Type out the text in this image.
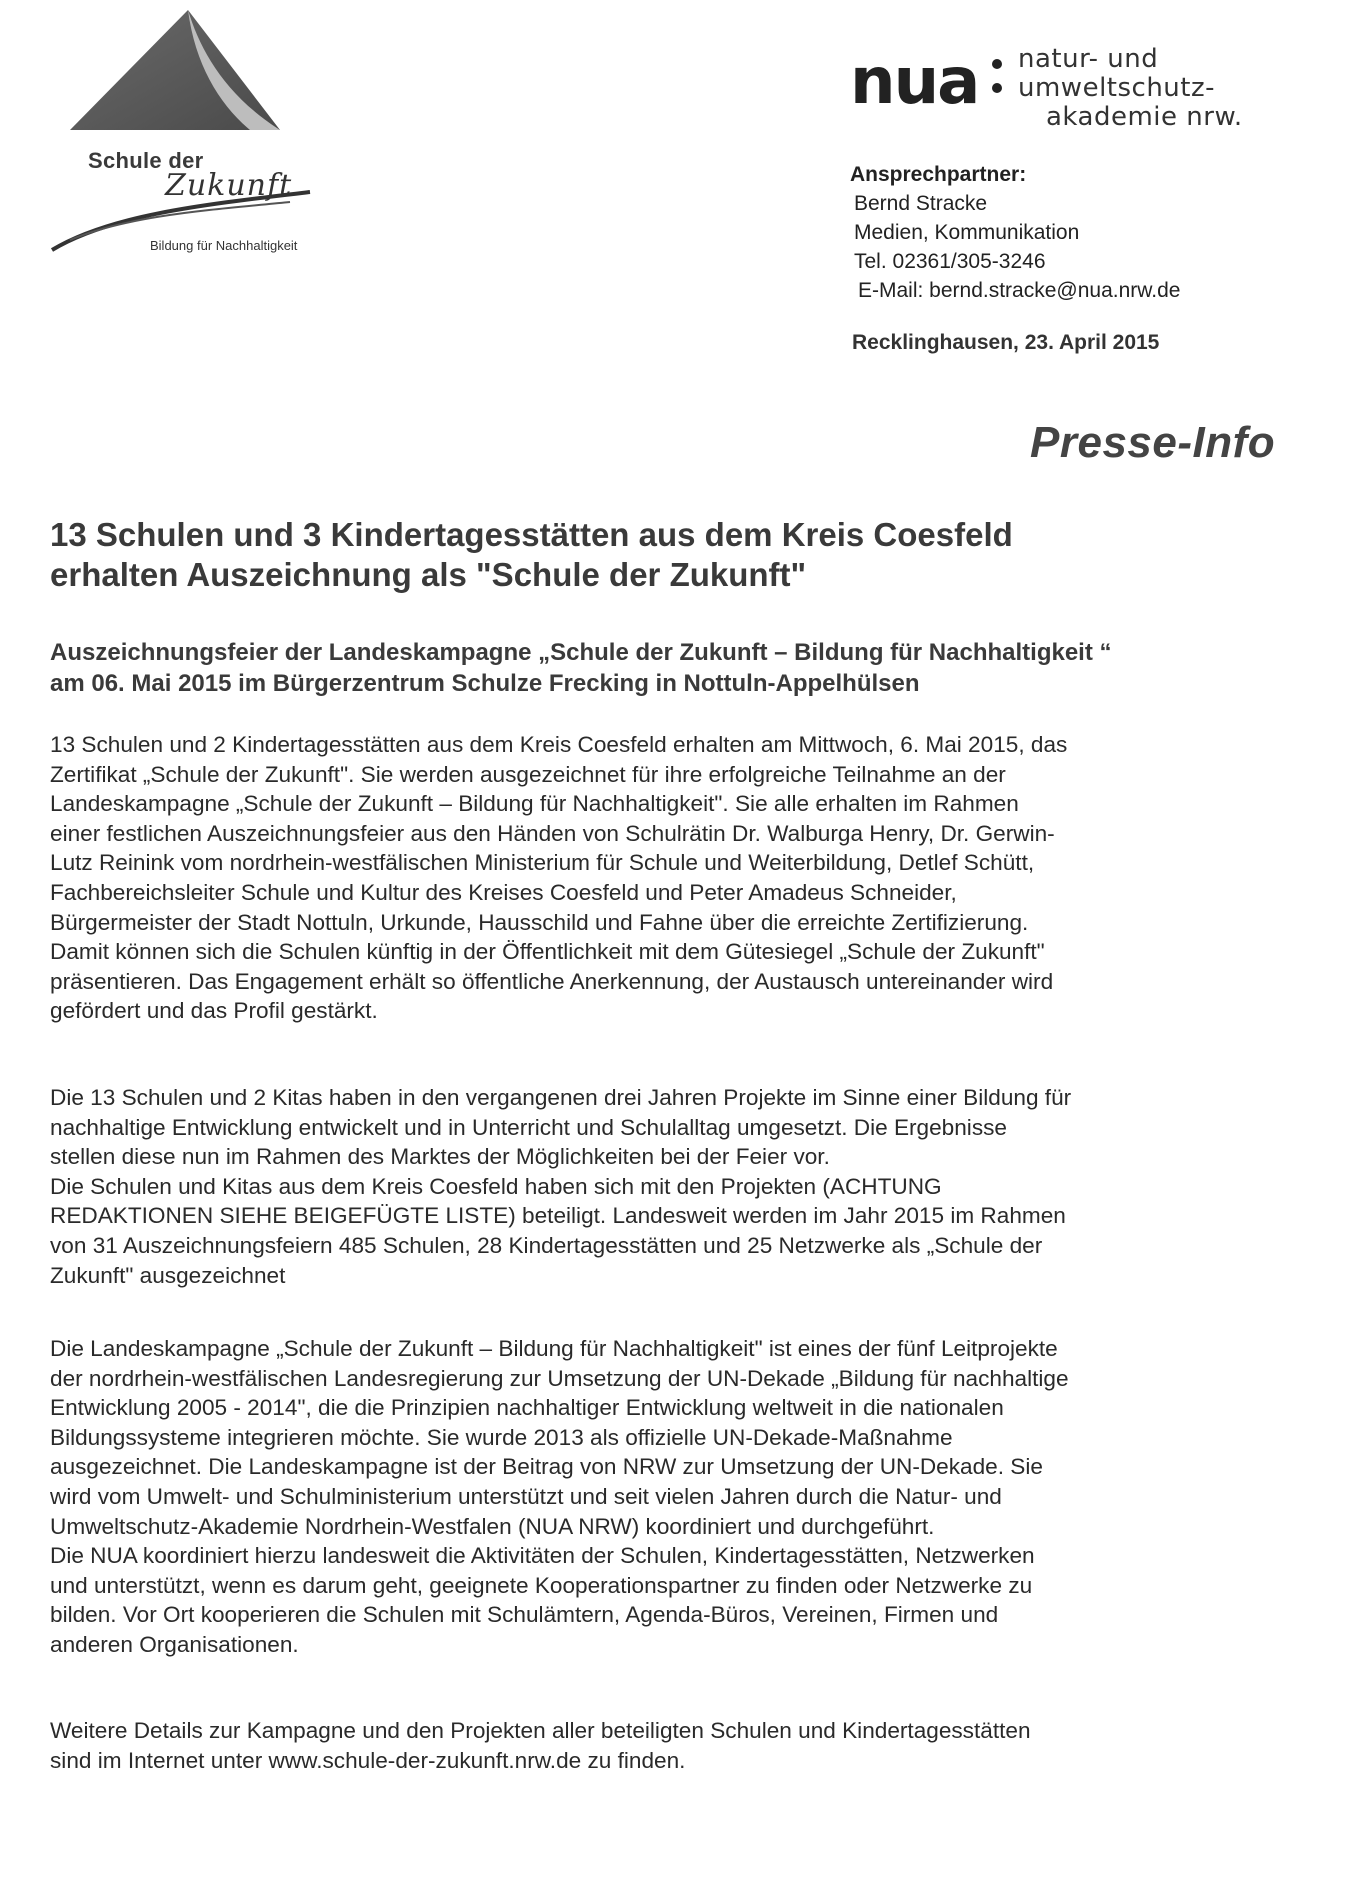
Schule der
Zukunft
Bildung für Nachhaltigkeit
nua natur- und
umweltschutz-
akademie nrw.
Ansprechpartner:
Bernd Stracke
Medien, Kommunikation
Tel. 02361/305-3246
E-Mail: bernd.stracke@nua.nrw.de
Recklinghausen, 23. April 2015
Presse-Info
13 Schulen und 3 Kindertagesstätten aus dem Kreis Coesfeld
erhalten Auszeichnung als "Schule der Zukunft"
Auszeichnungsfeier der Landeskampagne „Schule der Zukunft – Bildung für Nachhaltigkeit “
am 06. Mai 2015 im Bürgerzentrum Schulze Frecking in Nottuln-Appelhülsen
13 Schulen und 2 Kindertagesstätten aus dem Kreis Coesfeld erhalten am Mittwoch, 6. Mai 2015, das
Zertifikat „Schule der Zukunft". Sie werden ausgezeichnet für ihre erfolgreiche Teilnahme an der
Landeskampagne „Schule der Zukunft – Bildung für Nachhaltigkeit". Sie alle erhalten im Rahmen
einer festlichen Auszeichnungsfeier aus den Händen von Schulrätin Dr. Walburga Henry, Dr. Gerwin-
Lutz Reinink vom nordrhein-westfälischen Ministerium für Schule und Weiterbildung, Detlef Schütt,
Fachbereichsleiter Schule und Kultur des Kreises Coesfeld und Peter Amadeus Schneider,
Bürgermeister der Stadt Nottuln, Urkunde, Hausschild und Fahne über die erreichte Zertifizierung.
Damit können sich die Schulen künftig in der Öffentlichkeit mit dem Gütesiegel „Schule der Zukunft"
präsentieren. Das Engagement erhält so öffentliche Anerkennung, der Austausch untereinander wird
gefördert und das Profil gestärkt.
Die 13 Schulen und 2 Kitas haben in den vergangenen drei Jahren Projekte im Sinne einer Bildung für
nachhaltige Entwicklung entwickelt und in Unterricht und Schulalltag umgesetzt. Die Ergebnisse
stellen diese nun im Rahmen des Marktes der Möglichkeiten bei der Feier vor.
Die Schulen und Kitas aus dem Kreis Coesfeld haben sich mit den Projekten (ACHTUNG
REDAKTIONEN SIEHE BEIGEFÜGTE LISTE) beteiligt. Landesweit werden im Jahr 2015 im Rahmen
von 31 Auszeichnungsfeiern 485 Schulen, 28 Kindertagesstätten und 25 Netzwerke als „Schule der
Zukunft" ausgezeichnet
Die Landeskampagne „Schule der Zukunft – Bildung für Nachhaltigkeit" ist eines der fünf Leitprojekte
der nordrhein-westfälischen Landesregierung zur Umsetzung der UN-Dekade „Bildung für nachhaltige
Entwicklung 2005 - 2014", die die Prinzipien nachhaltiger Entwicklung weltweit in die nationalen
Bildungssysteme integrieren möchte. Sie wurde 2013 als offizielle UN-Dekade-Maßnahme
ausgezeichnet. Die Landeskampagne ist der Beitrag von NRW zur Umsetzung der UN-Dekade. Sie
wird vom Umwelt- und Schulministerium unterstützt und seit vielen Jahren durch die Natur- und
Umweltschutz-Akademie Nordrhein-Westfalen (NUA NRW) koordiniert und durchgeführt.
Die NUA koordiniert hierzu landesweit die Aktivitäten der Schulen, Kindertagesstätten, Netzwerken
und unterstützt, wenn es darum geht, geeignete Kooperationspartner zu finden oder Netzwerke zu
bilden. Vor Ort kooperieren die Schulen mit Schulämtern, Agenda-Büros, Vereinen, Firmen und
anderen Organisationen.
Weitere Details zur Kampagne und den Projekten aller beteiligten Schulen und Kindertagesstätten
sind im Internet unter www.schule-der-zukunft.nrw.de zu finden.
